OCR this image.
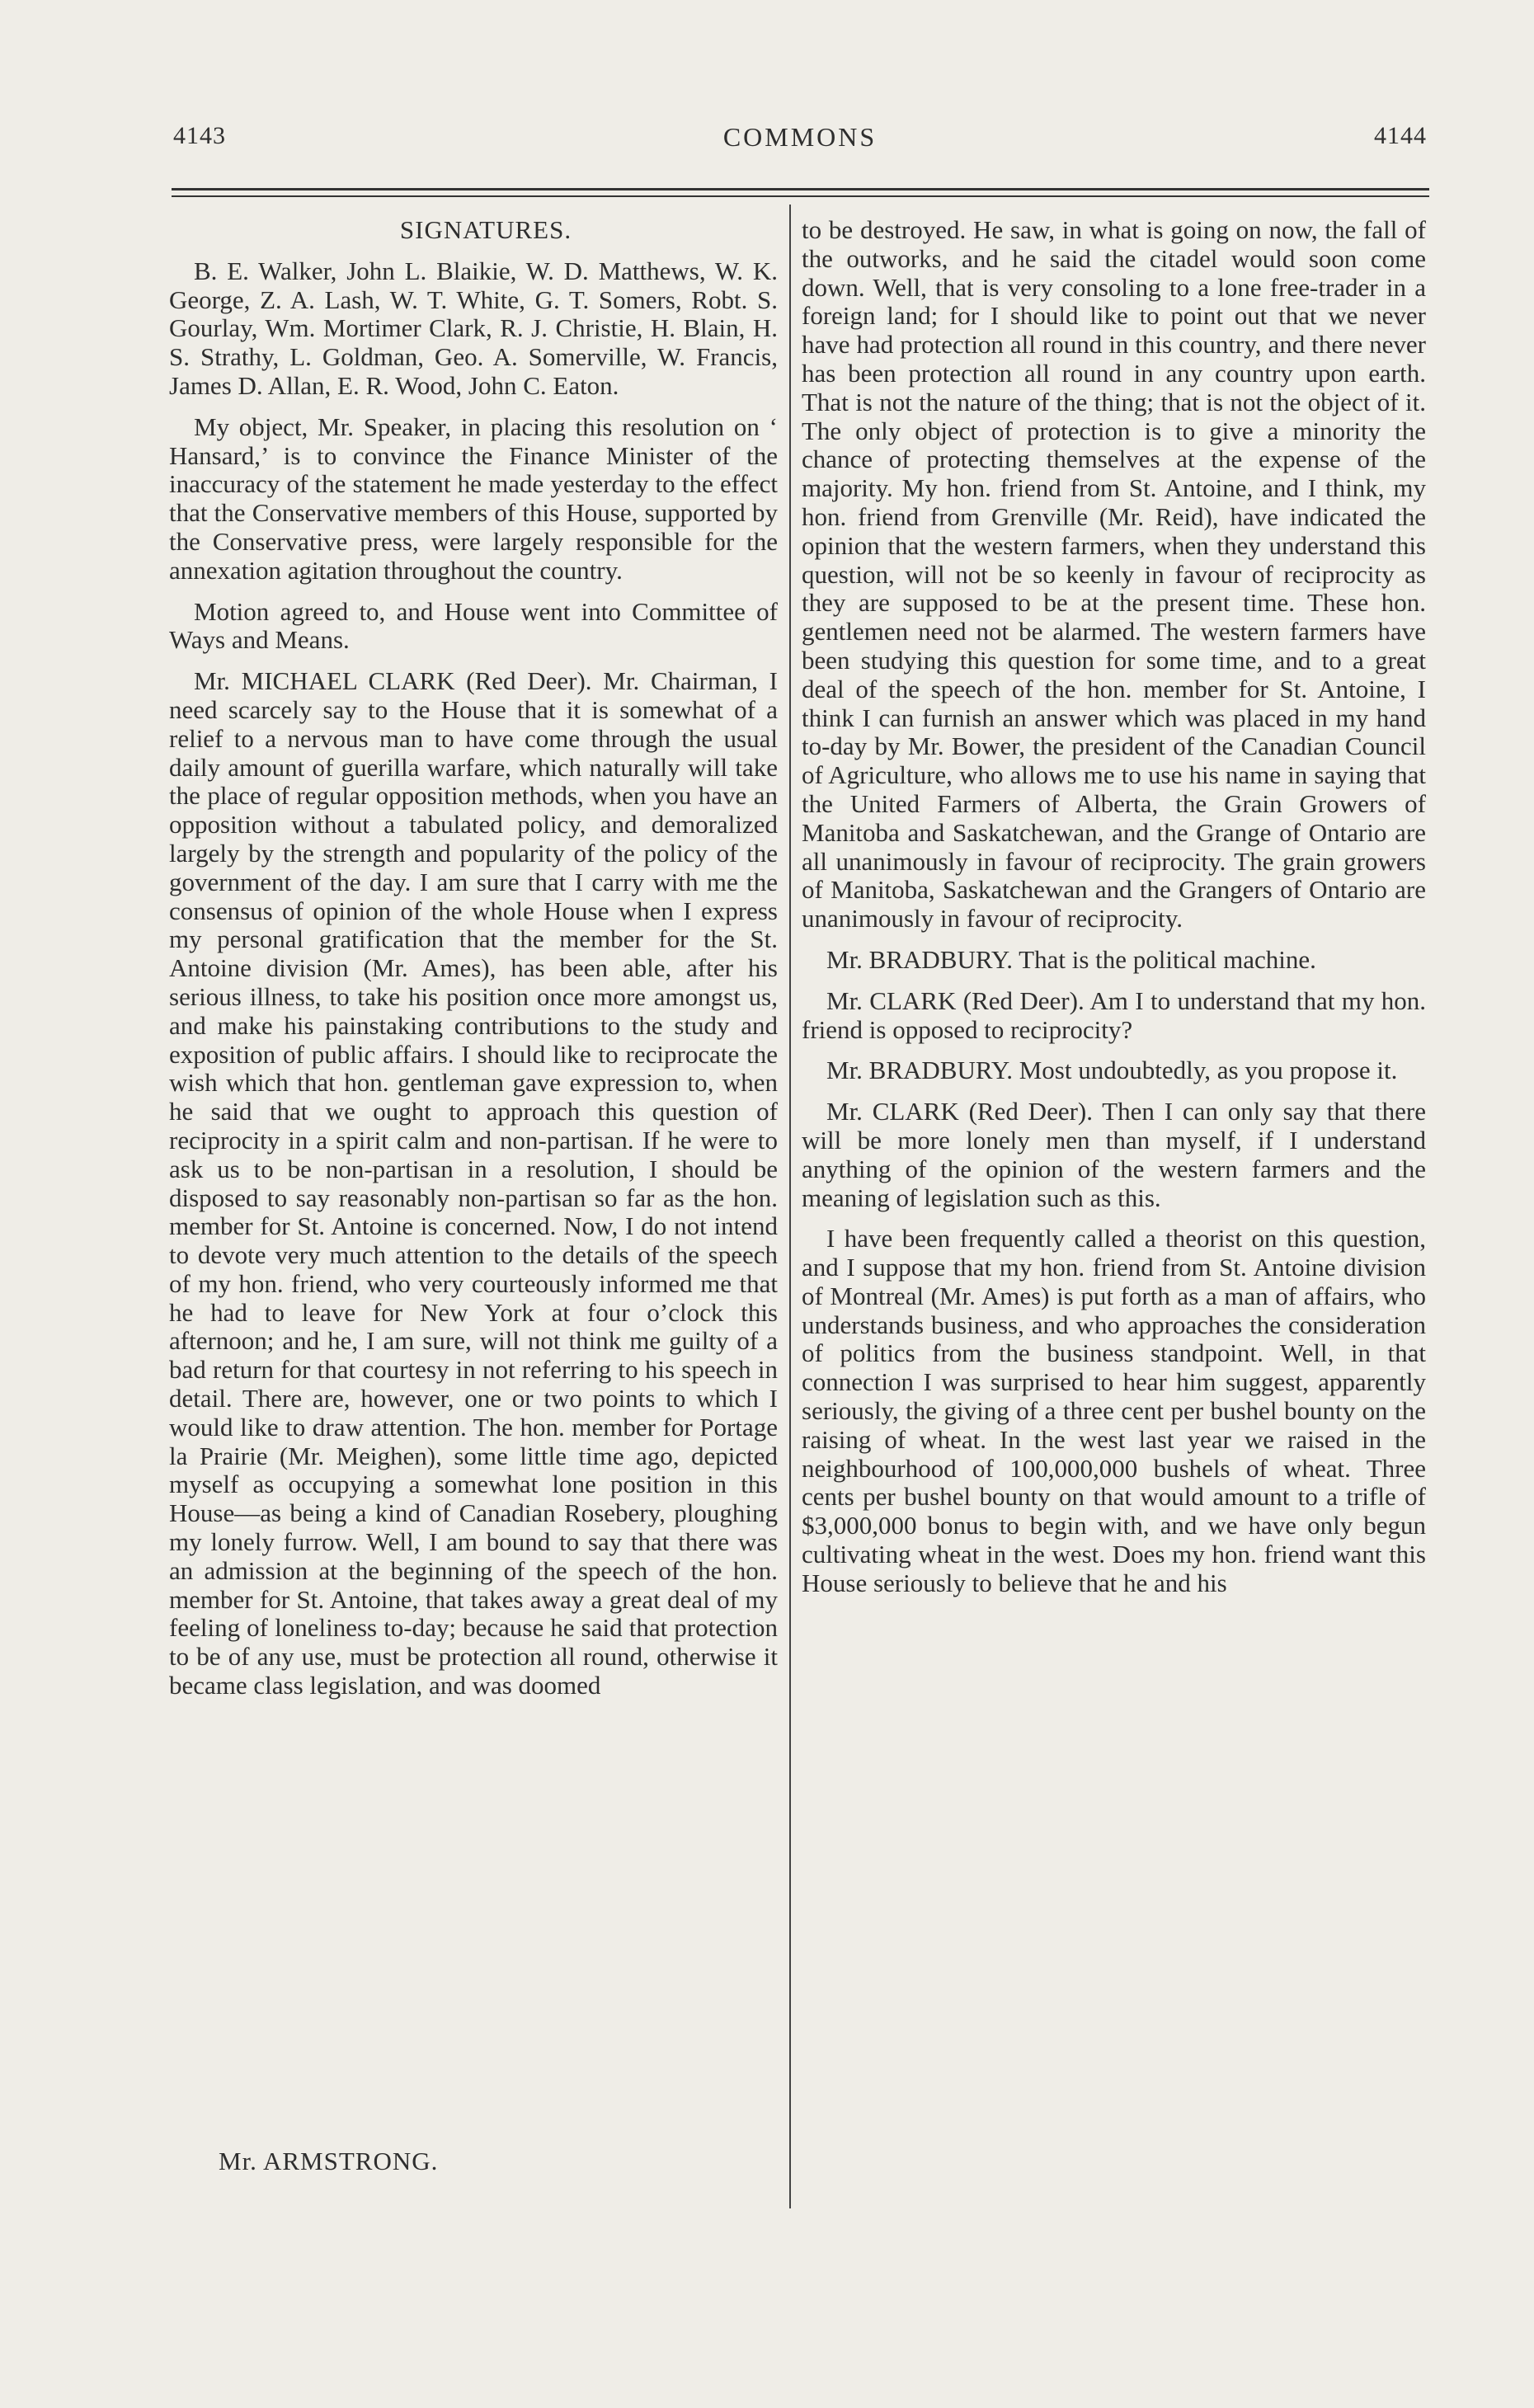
4143	COMMONS	4144

SIGNATURES.

B. E. Walker, John L. Blaikie, W. D. Matthews, W. K. George, Z. A. Lash, W. T. White, G. T. Somers, Robt. S. Gourlay, Wm. Mortimer Clark, R. J. Christie, H. Blain, H. S. Strathy, L. Goldman, Geo. A. Somerville, W. Francis, James D. Allan, E. R. Wood, John C. Eaton.

My object, Mr. Speaker, in placing this resolution on ‘ Hansard,’ is to convince the Finance Minister of the inaccuracy of the statement he made yesterday to the effect that the Conservative members of this House, supported by the Conservative press, were largely responsible for the annexation agitation throughout the country.

Motion agreed to, and House went into Committee of Ways and Means.

Mr. MICHAEL CLARK (Red Deer). Mr. Chairman, I need scarcely say to the House that it is somewhat of a relief to a nervous man to have come through the usual daily amount of guerilla warfare, which naturally will take the place of regular opposition methods, when you have an opposition without a tabulated policy, and demoralized largely by the strength and popularity of the policy of the government of the day. I am sure that I carry with me the consensus of opinion of the whole House when I express my personal gratification that the member for the St. Antoine division (Mr. Ames), has been able, after his serious illness, to take his position once more amongst us, and make his painstaking contributions to the study and exposition of public affairs. I should like to reciprocate the wish which that hon. gentleman gave expression to, when he said that we ought to approach this question of reciprocity in a spirit calm and non-partisan. If he were to ask us to be non-partisan in a resolution, I should be disposed to say reasonably non-partisan so far as the hon. member for St. Antoine is concerned. Now, I do not intend to devote very much attention to the details of the speech of my hon. friend, who very courteously informed me that he had to leave for New York at four o’clock this afternoon; and he, I am sure, will not think me guilty of a bad return for that courtesy in not referring to his speech in detail. There are, however, one or two points to which I would like to draw attention. The hon. member for Portage la Prairie (Mr. Meighen), some little time ago, depicted myself as occupying a somewhat lone position in this House—as being a kind of Canadian Rosebery, ploughing my lonely furrow. Well, I am bound to say that there was an admission at the beginning of the speech of the hon. member for St. Antoine, that takes away a great deal of my feeling of loneliness to-day; because he said that protection to be of any use, must be protection all round, otherwise it became class legislation, and was doomed

to be destroyed. He saw, in what is going on now, the fall of the outworks, and he said the citadel would soon come down. Well, that is very consoling to a lone free-trader in a foreign land; for I should like to point out that we never have had protection all round in this country, and there never has been protection all round in any country upon earth. That is not the nature of the thing; that is not the object of it. The only object of protection is to give a minority the chance of protecting themselves at the expense of the majority. My hon. friend from St. Antoine, and I think, my hon. friend from Grenville (Mr. Reid), have indicated the opinion that the western farmers, when they understand this question, will not be so keenly in favour of reciprocity as they are supposed to be at the present time. These hon. gentlemen need not be alarmed. The western farmers have been studying this question for some time, and to a great deal of the speech of the hon. member for St. Antoine, I think I can furnish an answer which was placed in my hand to-day by Mr. Bower, the president of the Canadian Council of Agriculture, who allows me to use his name in saying that the United Farmers of Alberta, the Grain Growers of Manitoba and Saskatchewan, and the Grange of Ontario are all unanimously in favour of reciprocity. The grain growers of Manitoba, Saskatchewan and the Grangers of Ontario are unanimously in favour of reciprocity.

Mr. BRADBURY. That is the political machine.

Mr. CLARK (Red Deer). Am I to understand that my hon. friend is opposed to reciprocity?

Mr. BRADBURY. Most undoubtedly, as you propose it.

Mr. CLARK (Red Deer). Then I can only say that there will be more lonely men than myself, if I understand anything of the opinion of the western farmers and the meaning of legislation such as this.

I have been frequently called a theorist on this question, and I suppose that my hon. friend from St. Antoine division of Montreal (Mr. Ames) is put forth as a man of affairs, who understands business, and who approaches the consideration of politics from the business standpoint. Well, in that connection I was surprised to hear him suggest, apparently seriously, the giving of a three cent per bushel bounty on the raising of wheat. In the west last year we raised in the neighbourhood of 100,000,000 bushels of wheat. Three cents per bushel bounty on that would amount to a trifle of $3,000,000 bonus to begin with, and we have only begun cultivating wheat in the west. Does my hon. friend want this House seriously to believe that he and his

Mr. ARMSTRONG.
